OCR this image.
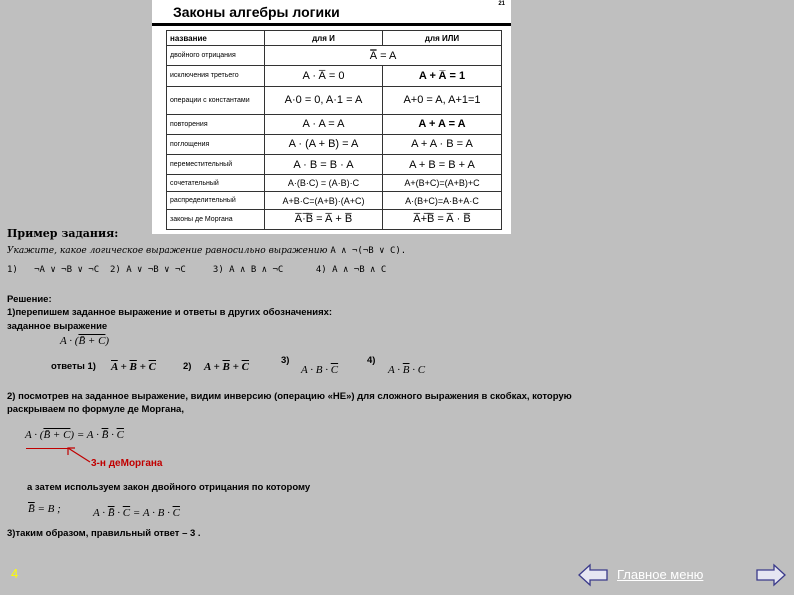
Законы алгебры логики	21
название	для И	для ИЛИ
двойного отрицания	A̿ = A	
исключения третьего	A · A̅ = 0	A + A̅ = 1
операции с константами	A·0 = 0, A·1 = A	A+0 = A, A+1=1
повторения	A · A = A	A + A = A
поглощения	A · (A + B) = A	A + A · B = A
переместительный	A · B = B · A	A + B = B + A
сочетательный	A·(B·C) = (A·B)·C	A+(B+C)=(A+B)+C
распределительный	A+B·C=(A+B)·(A+C)	A·(B+C)=A·B+A·C
законы де Моргана	A̅·̅B̅ = A̅ + B̅	A̅+̅B̅ = A̅ · B̅
Пример задания:
Укажите, какое логическое выражение равносильно выражению A ∧ ¬(¬B ∨ C).
1)   ¬A ∨ ¬B ∨ ¬C  2) A ∨ ¬B ∨ ¬C     3) A ∧ B ∧ ¬C      4) A ∧ ¬B ∧ C
Решение:
1)перепишем заданное выражение и ответы в других обозначениях:
заданное выражение
A · (B̄ + C)
ответы 1) $\overline{A} + \overline{B} + \overline{C}$	2) $A + \overline{B} + \overline{C}$
3)
$A \cdot B \cdot \overline{C}$
4)
$A \cdot \overline{B} \cdot C$
2) посмотрев на заданное выражение, видим инверсию (операцию «НЕ») для сложного выражения в скобках, которую
раскрываем по формуле де Моргана,
A · (B̄ + C) = A · B̄ · $\overline{C}$
3-н деМоргана
а затем используем закон двойного отрицания по которому
B̄ = B ;	A · B̄ · $\overline{C} = A \cdot B \cdot \overline{C}$
3)таким образом, правильный ответ – 3 .
4	Главное меню
